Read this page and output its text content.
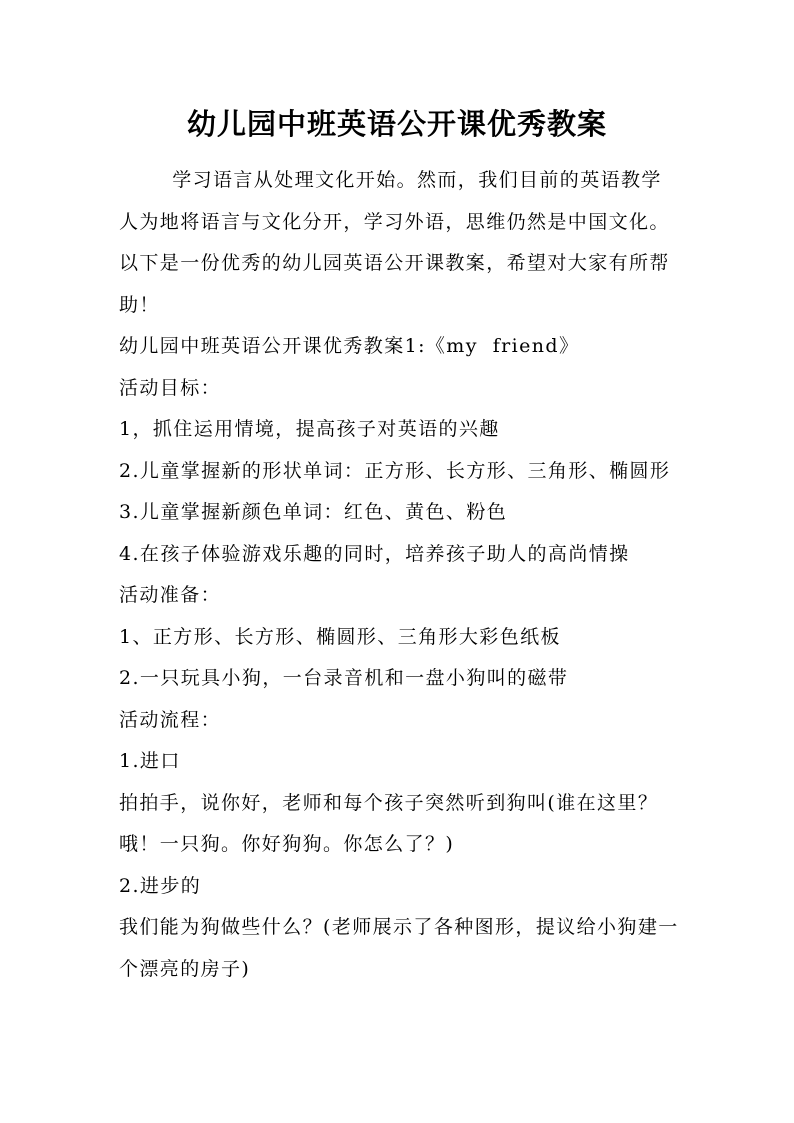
幼儿园中班英语公开课优秀教案

学习语言从处理文化开始。然而，我们目前的英语教学人为地将语言与文化分开，学习外语，思维仍然是中国文化。以下是一份优秀的幼儿园英语公开课教案，希望对大家有所帮助！

幼儿园中班英语公开课优秀教案1:《my  friend》

活动目标：

1，抓住运用情境，提高孩子对英语的兴趣

2.儿童掌握新的形状单词：正方形、长方形、三角形、椭圆形

3.儿童掌握新颜色单词：红色、黄色、粉色

4.在孩子体验游戏乐趣的同时，培养孩子助人的高尚情操

活动准备：

1、正方形、长方形、椭圆形、三角形大彩色纸板

2.一只玩具小狗，一台录音机和一盘小狗叫的磁带

活动流程：

1.进口

拍拍手，说你好，老师和每个孩子突然听到狗叫(谁在这里？哦！一只狗。你好狗狗。你怎么了？)

2.进步的

我们能为狗做些什么？(老师展示了各种图形，提议给小狗建一个漂亮的房子)
